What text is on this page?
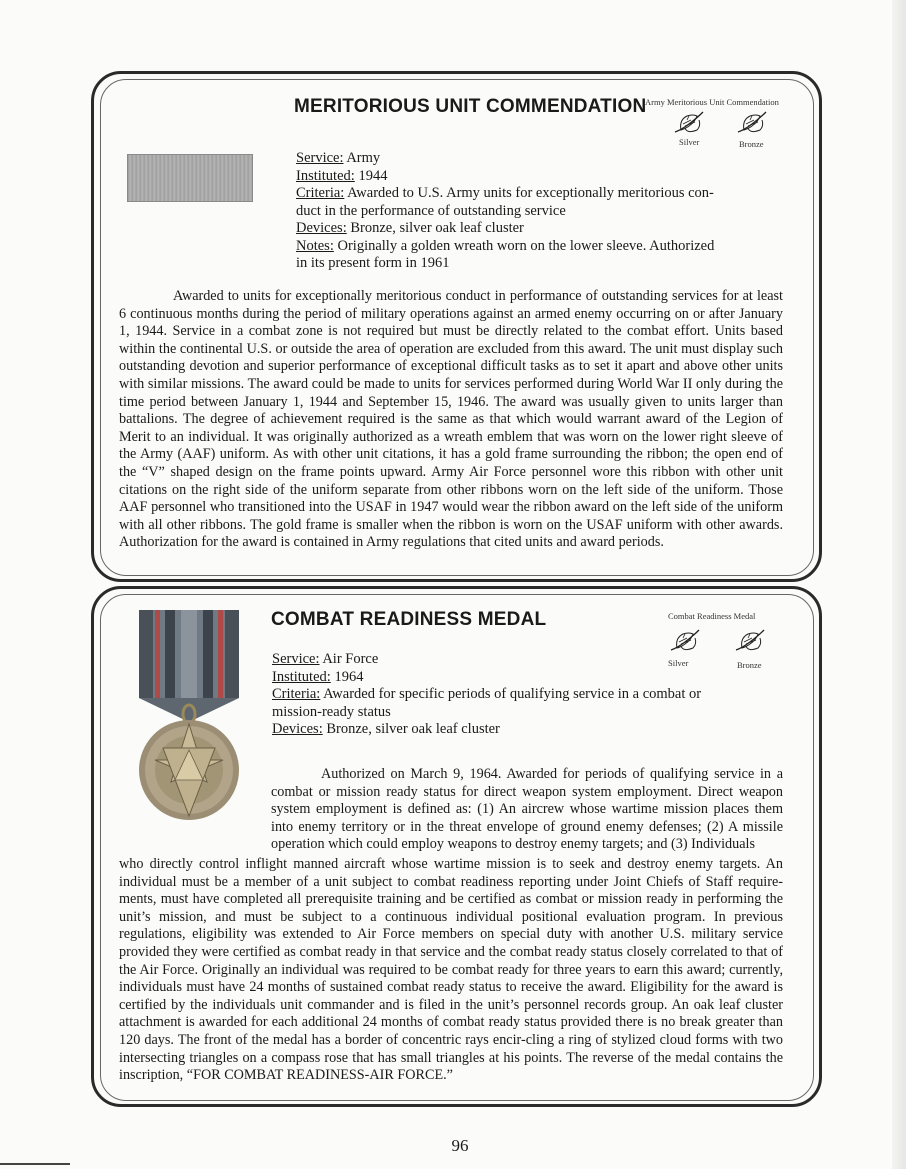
MERITORIOUS UNIT COMMENDATION
Army Meritorious Unit Commendation
Silver	Bronze
Service: Army
Instituted: 1944
Criteria: Awarded to U.S. Army units for exceptionally meritorious con-
duct in the performance of outstanding service
Devices: Bronze, silver oak leaf cluster
Notes: Originally a golden wreath worn on the lower sleeve. Authorized
in its present form in 1961

Awarded to units for exceptionally meritorious conduct in performance of outstanding services for at least 6 continuous months during the period of military operations against an armed enemy occurring on or after January 1, 1944. Service in a combat zone is not required but must be directly related to the combat effort. Units based within the continental U.S. or outside the area of operation are excluded from this award. The unit must display such outstanding devotion and superior performance of exceptional difficult tasks as to set it apart and above other units with similar missions. The award could be made to units for services performed during World War II only during the time period between January 1, 1944 and September 15, 1946. The award was usually given to units larger than battalions. The degree of achievement required is the same as that which would warrant award of the Legion of Merit to an individual. It was originally authorized as a wreath emblem that was worn on the lower right sleeve of the Army (AAF) uniform. As with other unit citations, it has a gold frame surrounding the ribbon; the open end of the “V” shaped design on the frame points upward. Army Air Force personnel wore this ribbon with other unit citations on the right side of the uniform separate from other ribbons worn on the left side of the uniform. Those AAF personnel who transitioned into the USAF in 1947 would wear the ribbon award on the left side of the uniform with all other ribbons. The gold frame is smaller when the ribbon is worn on the USAF uniform with other awards. Authorization for the award is contained in Army regulations that cited units and award periods.

COMBAT READINESS MEDAL	Combat Readiness Medal
Silver	Bronze
Service: Air Force
Instituted: 1964
Criteria: Awarded for specific periods of qualifying service in a combat or
mission-ready status
Devices: Bronze, silver oak leaf cluster

Authorized on March 9, 1964. Awarded for periods of qualifying service in a combat or mission ready status for direct weapon system employment. Direct weapon system employment is defined as: (1) An aircrew whose wartime mission places them into enemy territory or in the threat envelope of ground enemy defenses; (2) A missile operation which could employ weapons to destroy enemy targets; and (3) Individuals

who directly control inflight manned aircraft whose wartime mission is to seek and destroy enemy targets. An individual must be a member of a unit subject to combat readiness reporting under Joint Chiefs of Staff require-ments, must have completed all prerequisite training and be certified as combat or mission ready in performing the unit’s mission, and must be subject to a continuous individual positional evaluation program. In previous regulations, eligibility was extended to Air Force members on special duty with another U.S. military service provided they were certified as combat ready in that service and the combat ready status closely correlated to that of the Air Force. Originally an individual was required to be combat ready for three years to earn this award; currently, individuals must have 24 months of sustained combat ready status to receive the award. Eligibility for the award is certified by the individuals unit commander and is filed in the unit’s personnel records group. An oak leaf cluster attachment is awarded for each additional 24 months of combat ready status provided there is no break greater than 120 days. The front of the medal has a border of concentric rays encir-cling a ring of stylized cloud forms with two intersecting triangles on a compass rose that has small triangles at his points. The reverse of the medal contains the inscription, “FOR COMBAT READINESS-AIR FORCE.”

96
